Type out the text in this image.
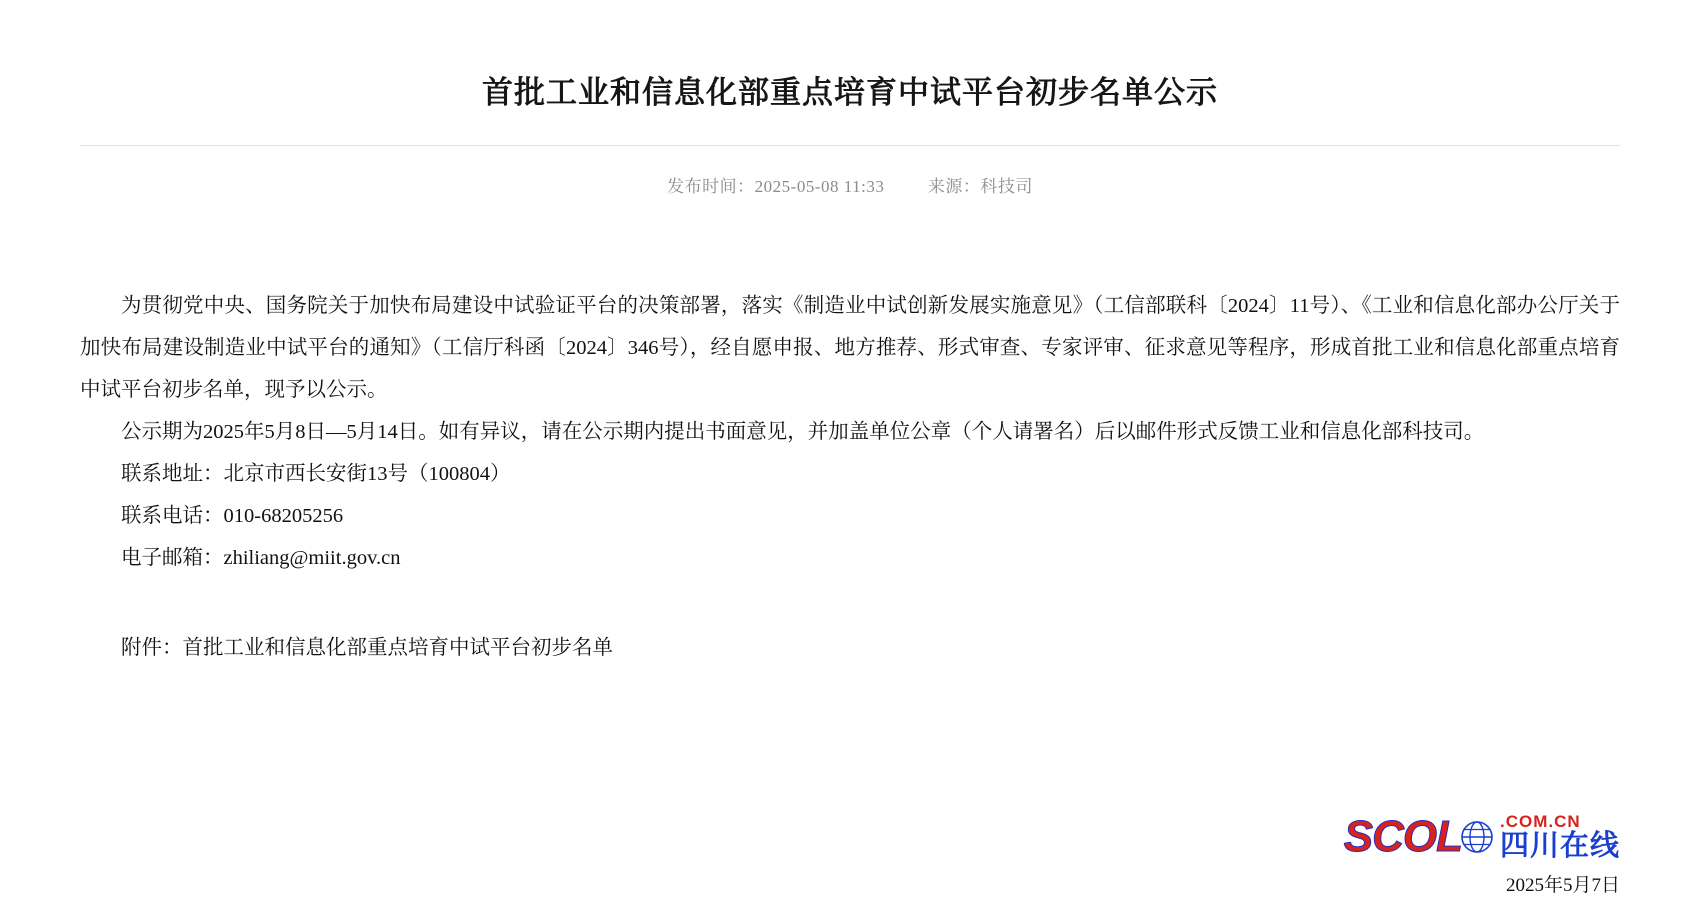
首批工业和信息化部重点培育中试平台初步名单公示
发布时间：2025-05-08 11:33	来源：科技司

为贯彻党中央、国务院关于加快布局建设中试验证平台的决策部署，落实《制造业中试创新发展实施意见》（工信部联科〔2024〕11号）、《工业和信息化部办公厅关于加快布局建设制造业中试平台的通知》（工信厅科函〔2024〕346号），经自愿申报、地方推荐、形式审查、专家评审、征求意见等程序，形成首批工业和信息化部重点培育中试平台初步名单，现予以公示。

公示期为2025年5月8日—5月14日。如有异议，请在公示期内提出书面意见，并加盖单位公章（个人请署名）后以邮件形式反馈工业和信息化部科技司。

联系地址：北京市西长安街13号（100804）

联系电话：010-68205256

电子邮箱：zhiliang@miit.gov.cn

附件：首批工业和信息化部重点培育中试平台初步名单

SCOL .COM.CN
四川在线
2025年5月7日
